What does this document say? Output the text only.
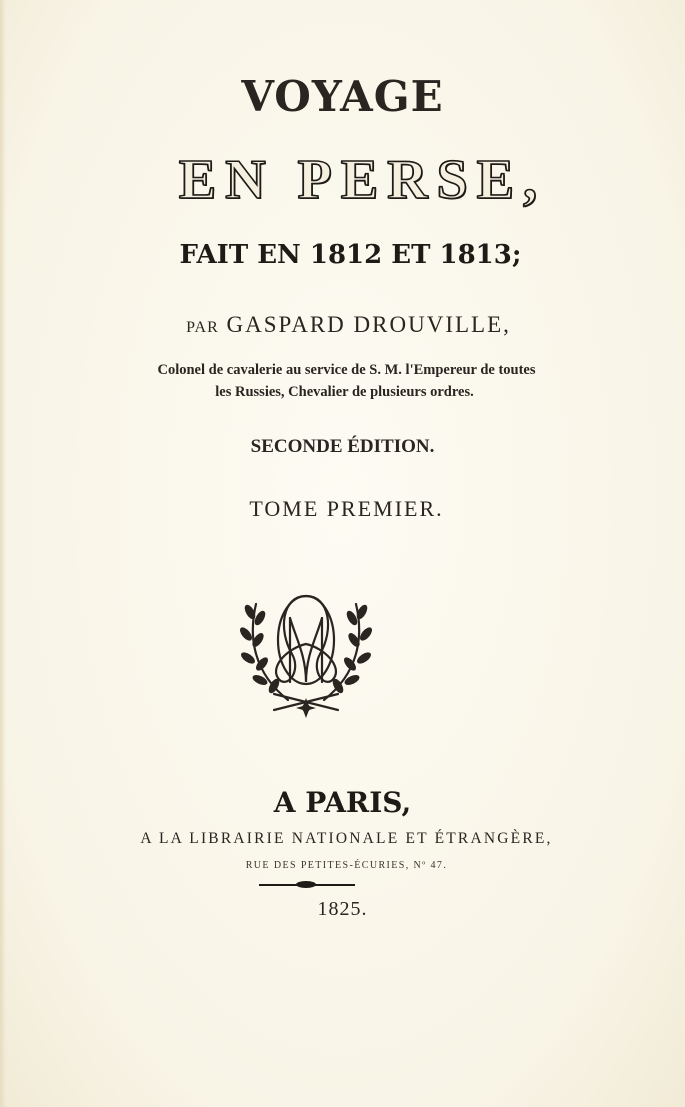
VOYAGE
EN PERSE,
FAIT EN 1812 ET 1813;
PAR GASPARD DROUVILLE,
Colonel de cavalerie au service de S. M. l'Empereur de toutes
les Russies, Chevalier de plusieurs ordres.
SECONDE ÉDITION.
TOME PREMIER.
A PARIS,
A LA LIBRAIRIE NATIONALE ET ÉTRANGÈRE,
RUE DES PETITES-ÉCURIES, Nº 47.
1825.
